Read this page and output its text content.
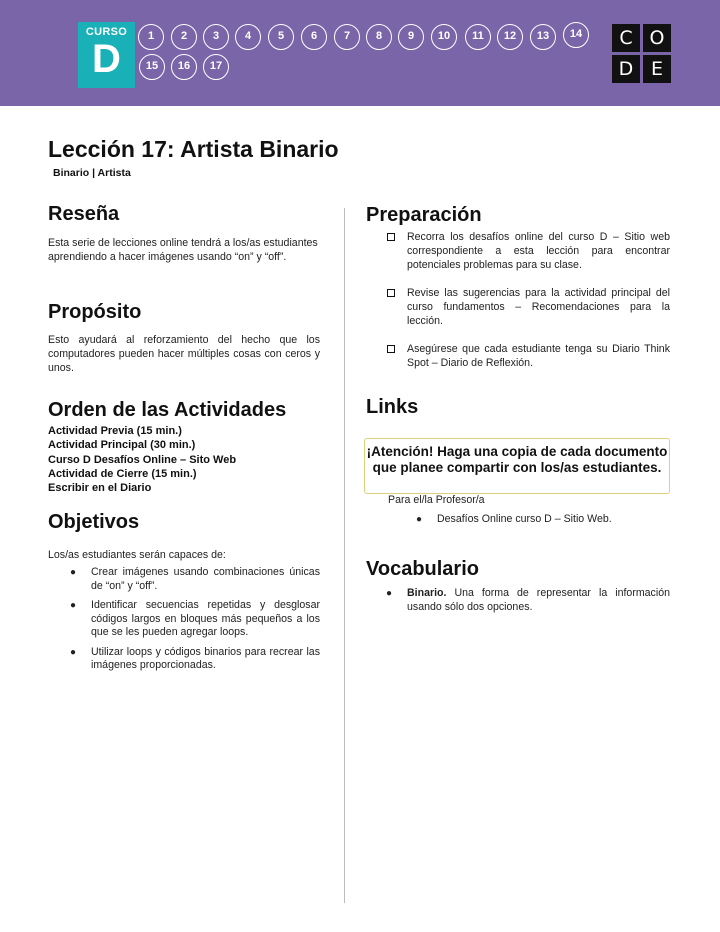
CURSO
D
1	2	3	4	5	6	7	8	9	10	11	12	13	14
15	16	17
C O
D E
Lección 17: Artista Binario
Binario | Artista
Reseña
Esta serie de lecciones online tendrá a los/as estudiantes aprendiendo a hacer imágenes usando “on” y “off”.
Propósito
Esto ayudará al reforzamiento del hecho que los computadores pueden hacer múltiples cosas con ceros y unos.
Orden de las Actividades
Actividad Previa (15 min.)
Actividad Principal (30 min.)
Curso D Desafíos Online – Sito Web
Actividad de Cierre (15 min.)
Escribir en el Diario
Objetivos
Los/as estudiantes serán capaces de:
● Crear imágenes usando combinaciones únicas de “on” y “off”.
● Identificar secuencias repetidas y desglosar códigos largos en bloques más pequeños a los que se les pueden agregar loops.
● Utilizar loops y códigos binarios para recrear las imágenes proporcionadas.
Preparación
Recorra los desafíos online del curso D – Sitio web correspondiente a esta lección para encontrar potenciales problemas para su clase.
Revise las sugerencias para la actividad principal del curso fundamentos – Recomendaciones para la lección.
Asegúrese que cada estudiante tenga su Diario Think Spot – Diario de Reflexión.
Links
¡Atención! Haga una copia de cada documento que planee compartir con los/as estudiantes.
Para el/la Profesor/a
● Desafíos Online curso D – Sitio Web.
Vocabulario
● Binario. Una forma de representar la información usando sólo dos opciones.
